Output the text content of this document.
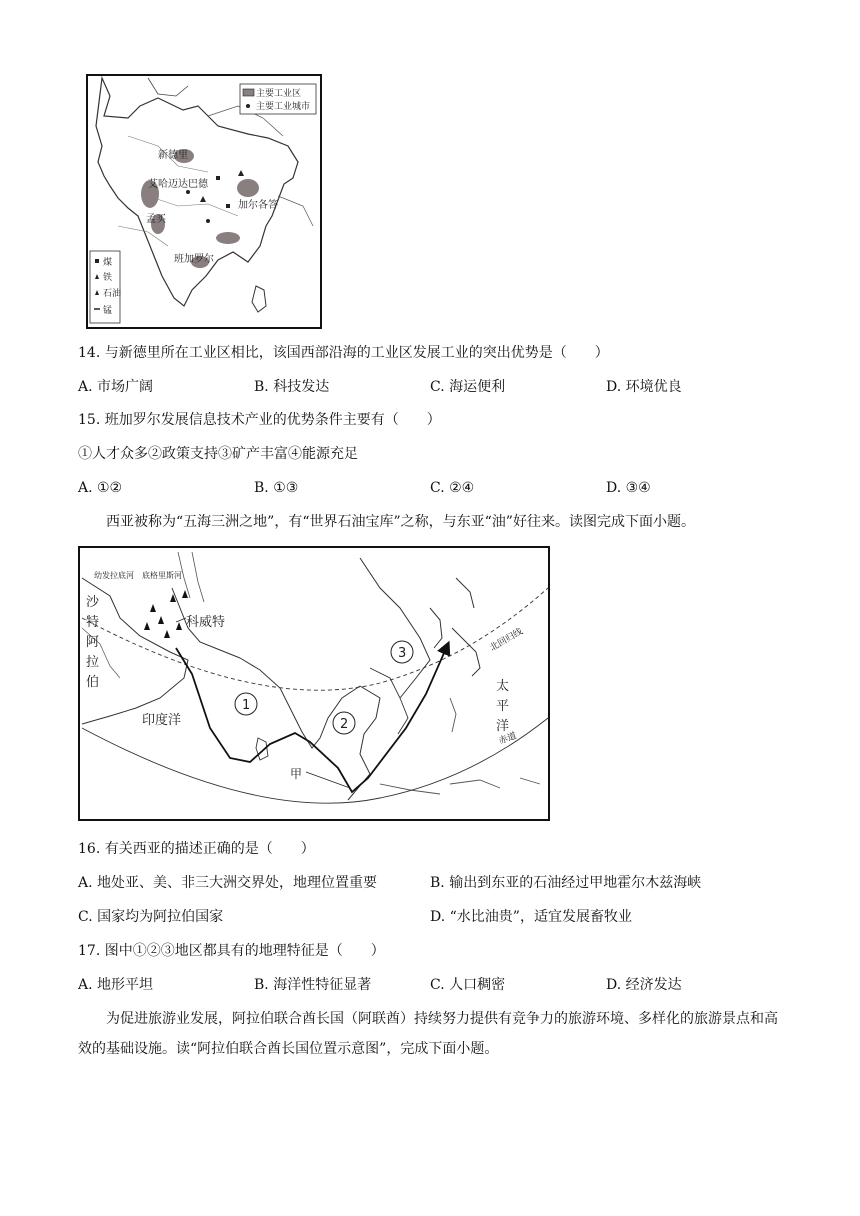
主要工业区
主要工业城市
煤
铁
石油
锰
新德里
艾哈迈达巴德
加尔各答
孟买
班加罗尔
14. 与新德里所在工业区相比，该国西部沿海的工业区发展工业的突出优势是（　　）
A. 市场广阔	B. 科技发达	C. 海运便利	D. 环境优良
15. 班加罗尔发展信息技术产业的优势条件主要有（　　）
①人才众多②政策支持③矿产丰富④能源充足
A. ①②	B. ①③	C. ②④	D. ③④
西亚被称为“五海三洲之地”，有“世界石油宝库”之称，与东亚“油”好往来。读图完成下面小题。
1
2
3
幼发拉底河　底格里斯河
沙
特
阿
拉
伯
科威特
北回归线
赤道
印度洋
太
平
洋
甲
16. 有关西亚的描述正确的是（　　）
A. 地处亚、美、非三大洲交界处，地理位置重要	B. 输出到东亚的石油经过甲地霍尔木兹海峡
C. 国家均为阿拉伯国家	D. “水比油贵”，适宜发展畜牧业
17. 图中①②③地区都具有的地理特征是（　　）
A. 地形平坦	B. 海洋性特征显著	C. 人口稠密	D. 经济发达
为促进旅游业发展，阿拉伯联合酋长国（阿联酋）持续努力提供有竞争力的旅游环境、多样化的旅游景点和高效的基础设施。读“阿拉伯联合酋长国位置示意图”，完成下面小题。
